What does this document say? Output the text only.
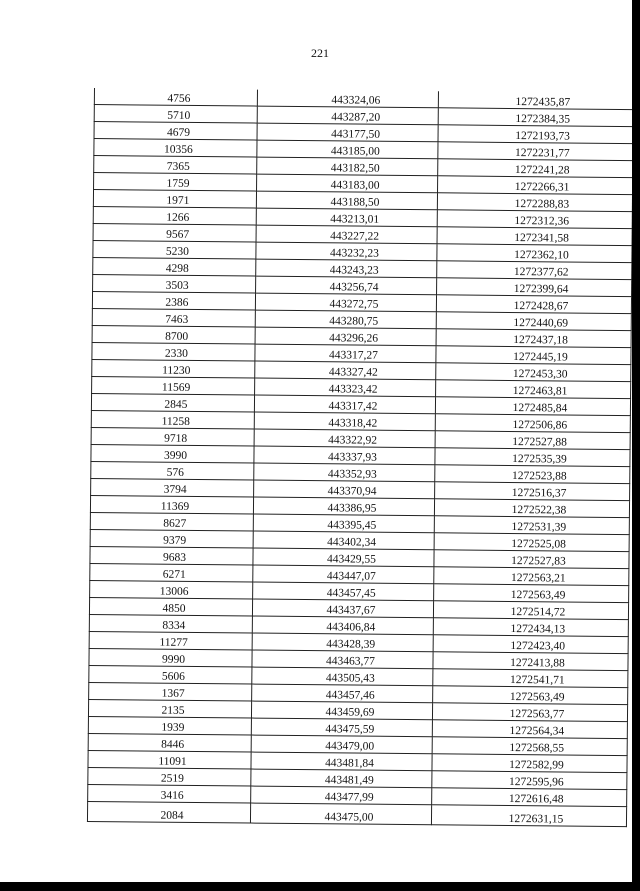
221
4756	443324,06	1272435,87
5710	443287,20	1272384,35
4679	443177,50	1272193,73
10356	443185,00	1272231,77
7365	443182,50	1272241,28
1759	443183,00	1272266,31
1971	443188,50	1272288,83
1266	443213,01	1272312,36
9567	443227,22	1272341,58
5230	443232,23	1272362,10
4298	443243,23	1272377,62
3503	443256,74	1272399,64
2386	443272,75	1272428,67
7463	443280,75	1272440,69
8700	443296,26	1272437,18
2330	443317,27	1272445,19
11230	443327,42	1272453,30
11569	443323,42	1272463,81
2845	443317,42	1272485,84
11258	443318,42	1272506,86
9718	443322,92	1272527,88
3990	443337,93	1272535,39
576	443352,93	1272523,88
3794	443370,94	1272516,37
11369	443386,95	1272522,38
8627	443395,45	1272531,39
9379	443402,34	1272525,08
9683	443429,55	1272527,83
6271	443447,07	1272563,21
13006	443457,45	1272563,49
4850	443437,67	1272514,72
8334	443406,84	1272434,13
11277	443428,39	1272423,40
9990	443463,77	1272413,88
5606	443505,43	1272541,71
1367	443457,46	1272563,49
2135	443459,69	1272563,77
1939	443475,59	1272564,34
8446	443479,00	1272568,55
11091	443481,84	1272582,99
2519	443481,49	1272595,96
3416	443477,99	1272616,48
2084	443475,00	1272631,15
